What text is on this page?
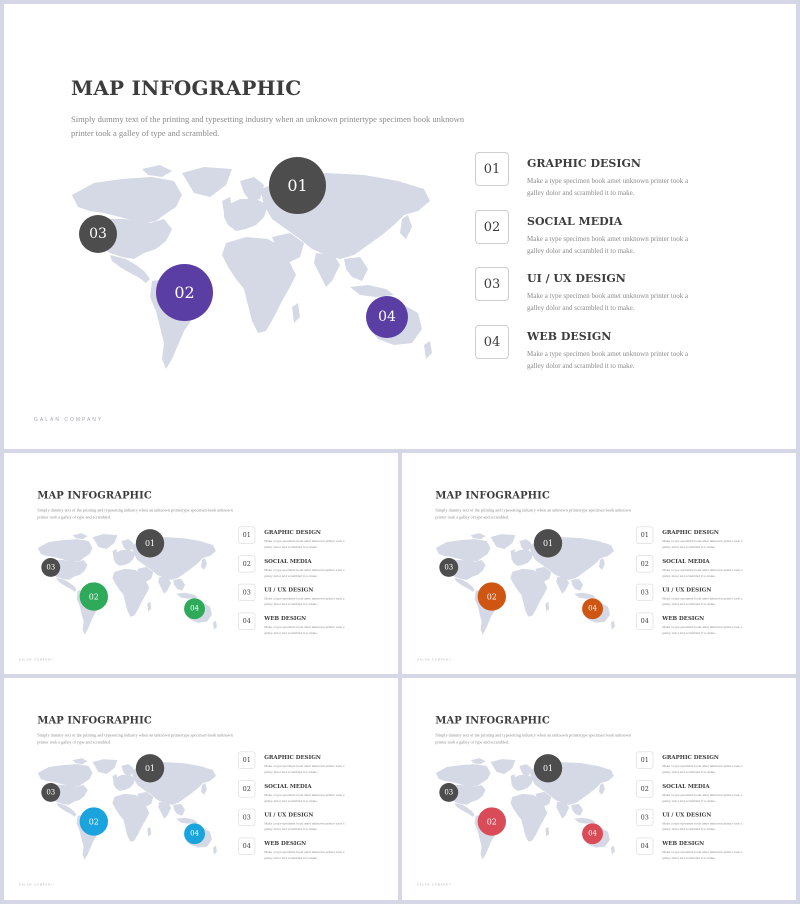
MAP INFOGRAPHIC
Simply dummy text of the printing and typesetting industry when an unknown printertype specimen book unknown printer took a galley of type and scrambled.
01
02
03
04
01	GRAPHIC DESIGN
Make a type specimen book amet unknown printer took a galley dolor and scrambled it to make.
02	SOCIAL MEDIA
Make a type specimen book amet unknown printer took a galley dolor and scrambled it to make.
03	UI / UX DESIGN
Make a type specimen book amet unknown printer took a galley dolor and scrambled it to make.
04	WEB DESIGN
Make a type specimen book amet unknown printer took a galley dolor and scrambled it to make.
GALAN COMPANY
MAP INFOGRAPHIC
Simply dummy text of the printing and typesetting industry when an unknown printertype specimen book unknown printer took a galley of type and scrambled.
01
02
03
04
01	GRAPHIC DESIGN
Make a type specimen book amet unknown printer took a galley dolor and scrambled it to make.
02	SOCIAL MEDIA
Make a type specimen book amet unknown printer took a galley dolor and scrambled it to make.
03	UI / UX DESIGN
Make a type specimen book amet unknown printer took a galley dolor and scrambled it to make.
04	WEB DESIGN
Make a type specimen book amet unknown printer took a galley dolor and scrambled it to make.
GALAN COMPANY
MAP INFOGRAPHIC
Simply dummy text of the printing and typesetting industry when an unknown printertype specimen book unknown printer took a galley of type and scrambled.
01
02
03
04
01	GRAPHIC DESIGN
Make a type specimen book amet unknown printer took a galley dolor and scrambled it to make.
02	SOCIAL MEDIA
Make a type specimen book amet unknown printer took a galley dolor and scrambled it to make.
03	UI / UX DESIGN
Make a type specimen book amet unknown printer took a galley dolor and scrambled it to make.
04	WEB DESIGN
Make a type specimen book amet unknown printer took a galley dolor and scrambled it to make.
GALAN COMPANY
MAP INFOGRAPHIC
Simply dummy text of the printing and typesetting industry when an unknown printertype specimen book unknown printer took a galley of type and scrambled.
01
02
03
04
01	GRAPHIC DESIGN
Make a type specimen book amet unknown printer took a galley dolor and scrambled it to make.
02	SOCIAL MEDIA
Make a type specimen book amet unknown printer took a galley dolor and scrambled it to make.
03	UI / UX DESIGN
Make a type specimen book amet unknown printer took a galley dolor and scrambled it to make.
04	WEB DESIGN
Make a type specimen book amet unknown printer took a galley dolor and scrambled it to make.
GALAN COMPANY
MAP INFOGRAPHIC
Simply dummy text of the printing and typesetting industry when an unknown printertype specimen book unknown printer took a galley of type and scrambled.
01
02
03
04
01	GRAPHIC DESIGN
Make a type specimen book amet unknown printer took a galley dolor and scrambled it to make.
02	SOCIAL MEDIA
Make a type specimen book amet unknown printer took a galley dolor and scrambled it to make.
03	UI / UX DESIGN
Make a type specimen book amet unknown printer took a galley dolor and scrambled it to make.
04	WEB DESIGN
Make a type specimen book amet unknown printer took a galley dolor and scrambled it to make.
GALAN COMPANY
